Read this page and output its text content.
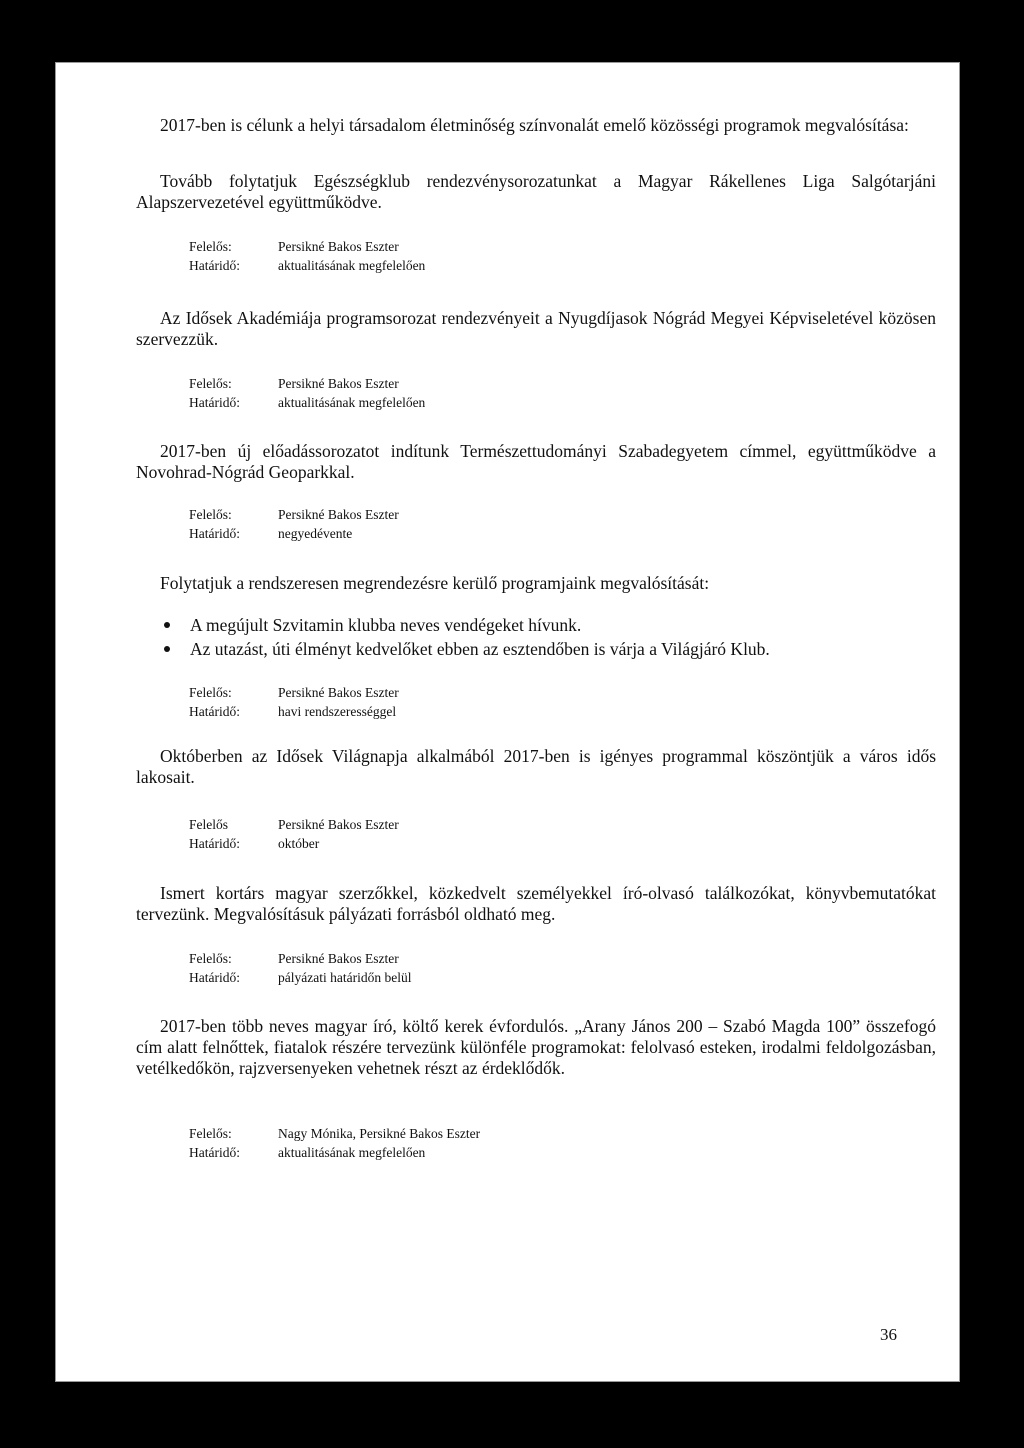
2017-ben is célunk a helyi társadalom életminőség színvonalát emelő közösségi programok megvalósítása:
Tovább folytatjuk Egészségklub rendezvénysorozatunkat a Magyar Rákellenes Liga Salgótarjáni Alapszervezetével együttműködve.
Felelős:	Persikné Bakos Eszter
Határidő:	aktualitásának megfelelően
Az Idősek Akadémiája programsorozat rendezvényeit a Nyugdíjasok Nógrád Megyei Képviseletével közösen szervezzük.
Felelős:	Persikné Bakos Eszter
Határidő:	aktualitásának megfelelően
2017-ben új előadássorozatot indítunk Természettudományi Szabadegyetem címmel, együttműködve a Novohrad-Nógrád Geoparkkal.
Felelős:	Persikné Bakos Eszter
Határidő:	negyedévente
Folytatjuk a rendszeresen megrendezésre kerülő programjaink megvalósítását:
A megújult Szvitamin klubba neves vendégeket hívunk.
Az utazást, úti élményt kedvelőket ebben az esztendőben is várja a Világjáró Klub.
Felelős:	Persikné Bakos Eszter
Határidő:	havi rendszerességgel
Októberben az Idősek Világnapja alkalmából 2017-ben is igényes programmal köszöntjük a város idős lakosait.
Felelős	Persikné Bakos Eszter
Határidő:	október
Ismert kortárs magyar szerzőkkel, közkedvelt személyekkel író-olvasó találkozókat, könyvbemutatókat tervezünk. Megvalósításuk pályázati forrásból oldható meg.
Felelős:	Persikné Bakos Eszter
Határidő:	pályázati határidőn belül
2017-ben több neves magyar író, költő kerek évfordulós. „Arany János 200 – Szabó Magda 100” összefogó cím alatt felnőttek, fiatalok részére tervezünk különféle programokat: felolvasó esteken, irodalmi feldolgozásban, vetélkedőkön, rajzversenyeken vehetnek részt az érdeklődők.
Felelős:	Nagy Mónika, Persikné Bakos Eszter
Határidő:	aktualitásának megfelelően
36
